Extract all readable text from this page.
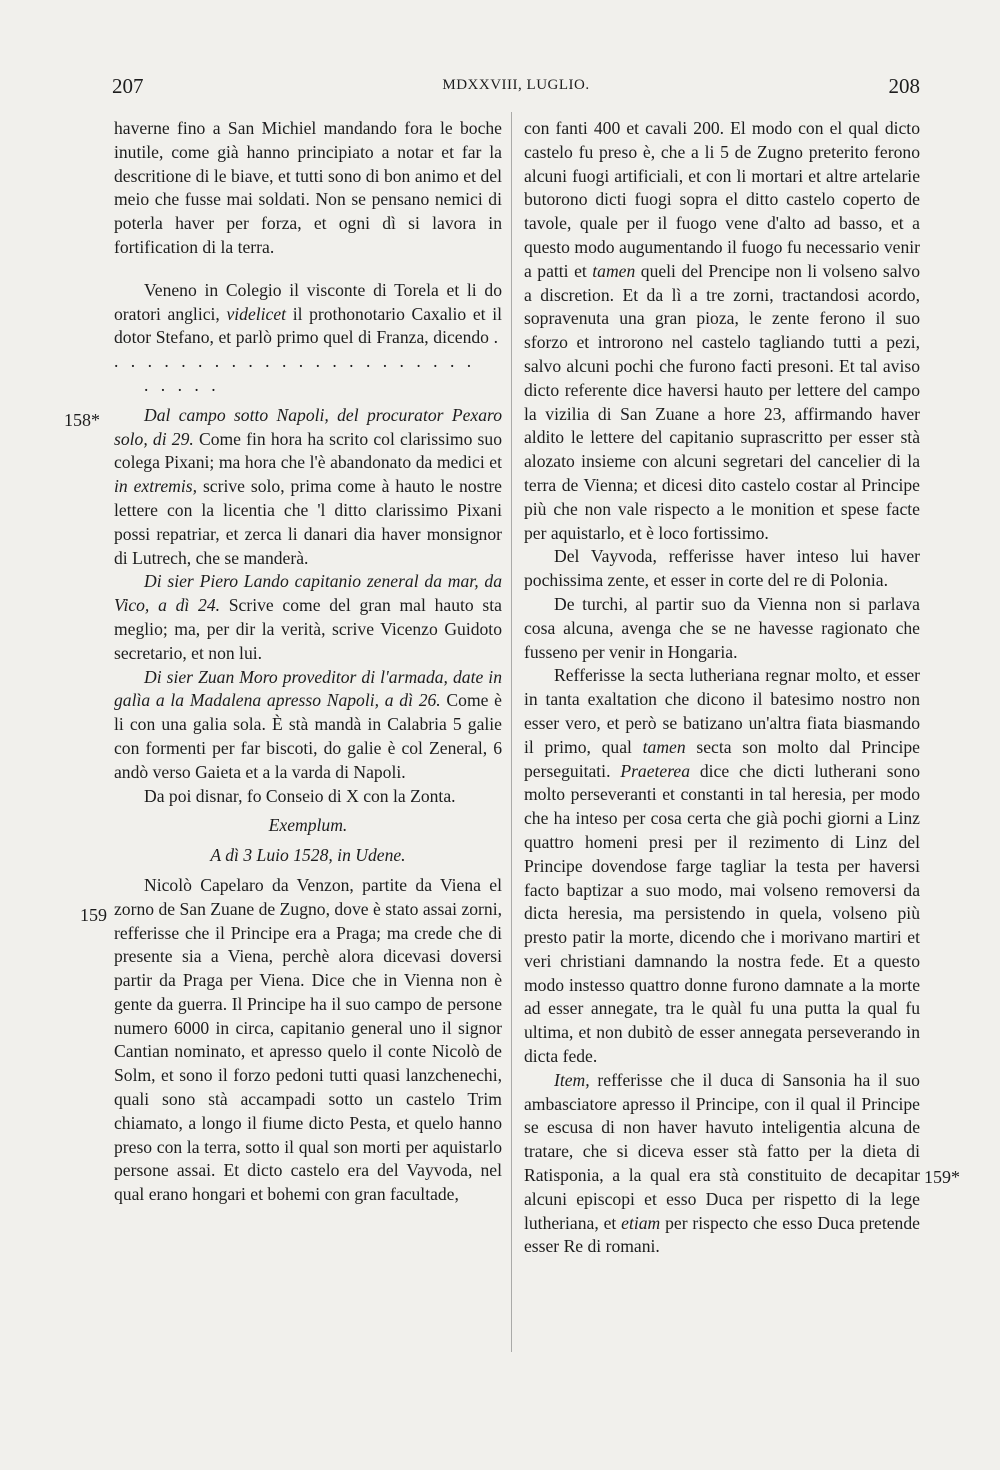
207	MDXXVIII, LUGLIO.	208
158*
159
159*

haverne fino a San Michiel mandando fora le boche inutile, come già hanno principiato a notar et far la descritione di le biave, et tutti sono di bon animo et del meio che fusse mai soldati. Non se pensano nemici di poterla haver per forza, et ogni dì si lavora in fortification di la terra.

Veneno in Colegio il visconte di Torela et li do oratori anglici, videlicet il prothonotario Caxalio et il dotor Stefano, et parlò primo quel di Franza, dicendo . . . . . . . . . . . . . . . . . . . . . . .

. . . . .

Dal campo sotto Napoli, del procurator Pexaro solo, di 29. Come fin hora ha scrito col clarissimo suo colega Pixani; ma hora che l'è abandonato da medici et in extremis, scrive solo, prima come à hauto le nostre lettere con la licentia che 'l ditto clarissimo Pixani possi repatriar, et zerca li danari dia haver monsignor di Lutrech, che se manderà.

Di sier Piero Lando capitanio zeneral da mar, da Vico, a dì 24. Scrive come del gran mal hauto sta meglio; ma, per dir la verità, scrive Vicenzo Guidoto secretario, et non lui.

Di sier Zuan Moro proveditor di l'armada, date in galìa a la Madalena apresso Napoli, a dì 26. Come è li con una galia sola. È stà mandà in Calabria 5 galie con formenti per far biscoti, do galie è col Zeneral, 6 andò verso Gaieta et a la varda di Napoli.

Da poi disnar, fo Conseio di X con la Zonta.

Exemplum.

A dì 3 Luio 1528, in Udene.

Nicolò Capelaro da Venzon, partite da Viena el zorno de San Zuane de Zugno, dove è stato assai zorni, refferisse che il Principe era a Praga; ma crede che di presente sia a Viena, perchè alora dicevasi doversi partir da Praga per Viena. Dice che in Vienna non è gente da guerra. Il Principe ha il suo campo de persone numero 6000 in circa, capitanio general uno il signor Cantian nominato, et apresso quelo il conte Nicolò de Solm, et sono il forzo pedoni tutti quasi lanzchenechi, quali sono stà accampadi sotto un castelo Trim chiamato, a longo il fiume dicto Pesta, et quelo hanno preso con la terra, sotto il qual son morti per aquistarlo persone assai. Et dicto castelo era del Vayvoda, nel qual erano hongari et bohemi con gran facultade,

con fanti 400 et cavali 200. El modo con el qual dicto castelo fu preso è, che a li 5 de Zugno preterito ferono alcuni fuogi artificiali, et con li mortari et altre artelarie butorono dicti fuogi sopra el ditto castelo coperto de tavole, quale per il fuogo vene d'alto ad basso, et a questo modo augumentando il fuogo fu necessario venir a patti et tamen queli del Prencipe non li volseno salvo a discretion. Et da lì a tre zorni, tractandosi acordo, sopravenuta una gran pioza, le zente ferono il suo sforzo et introrono nel castelo tagliando tutti a pezi, salvo alcuni pochi che furono facti presoni. Et tal aviso dicto referente dice haversi hauto per lettere del campo la vizilia di San Zuane a hore 23, affirmando haver aldito le lettere del capitanio suprascritto per esser stà alozato insieme con alcuni segretari del cancelier di la terra de Vienna; et dicesi dito castelo costar al Principe più che non vale rispecto a le monition et spese facte per aquistarlo, et è loco fortissimo.

Del Vayvoda, refferisse haver inteso lui haver pochissima zente, et esser in corte del re di Polonia.

De turchi, al partir suo da Vienna non si parlava cosa alcuna, avenga che se ne havesse ragionato che fusseno per venir in Hongaria.

Refferisse la secta lutheriana regnar molto, et esser in tanta exaltation che dicono il batesimo nostro non esser vero, et però se batizano un'altra fiata biasmando il primo, qual tamen secta son molto dal Principe perseguitati. Praeterea dice che dicti lutherani sono molto perseveranti et constanti in tal heresia, per modo che ha inteso per cosa certa che già pochi giorni a Linz quattro homeni presi per il rezimento di Linz del Principe dovendose farge tagliar la testa per haversi facto baptizar a suo modo, mai volseno removersi da dicta heresia, ma persistendo in quela, volseno più presto patir la morte, dicendo che i morivano martiri et veri christiani damnando la nostra fede. Et a questo modo instesso quattro donne furono damnate a la morte ad esser annegate, tra le quàl fu una putta la qual fu ultima, et non dubitò de esser annegata perseverando in dicta fede.

Item, refferisse che il duca di Sansonia ha il suo ambasciatore apresso il Principe, con il qual il Principe se escusa di non haver havuto inteligentia alcuna de tratare, che si diceva esser stà fatto per la dieta di Ratisponia, a la qual era stà constituito de decapitar alcuni episcopi et esso Duca per rispetto di la lege lutheriana, et etiam per rispecto che esso Duca pretende esser Re di romani.
